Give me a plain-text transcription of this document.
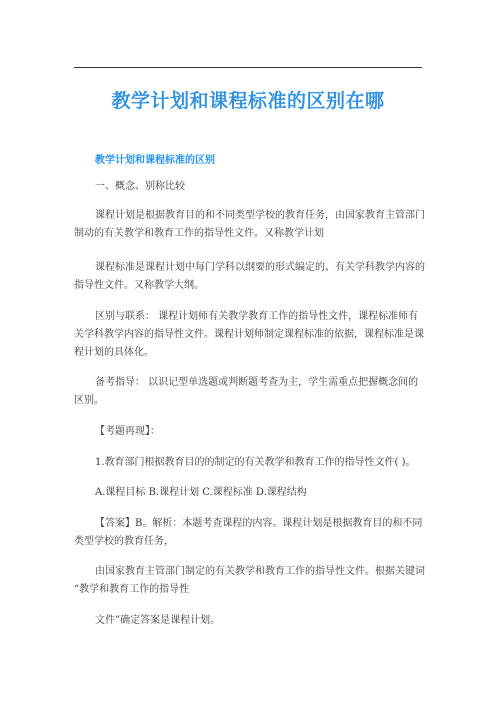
教学计划和课程标准的区别在哪
教学计划和课程标准的区别
一、概念、别称比较
课程计划是根据教育目的和不同类型学校的教育任务，由国家教育主管部门
制动的有关教学和教育工作的指导性文件。又称教学计划
课程标准是课程计划中每门学科以纲要的形式编定的、有关学科教学内容的
指导性文件。又称教学大纲。
区别与联系： 课程计划师有关教学教育工作的指导性文件，课程标准师有
关学科教学内容的指导性文件。课程计划师制定课程标准的依据，课程标准是课
程计划的具体化。
备考指导： 以识记型单选题或判断题考查为主，学生需重点把握概念间的
区别。
【考题再现】：
1.教育部门根据教育目的的制定的有关教学和教育工作的指导性文件( )。
A.课程目标 B.课程计划 C.课程标准 D.课程结构
【答案】B。解析：本题考查课程的内容。课程计划是根据教育目的和不同
类型学校的教育任务，
由国家教育主管部门制定的有关教学和教育工作的指导性文件。根据关键词
“教学和教育工作的指导性
文件”确定答案是课程计划。
